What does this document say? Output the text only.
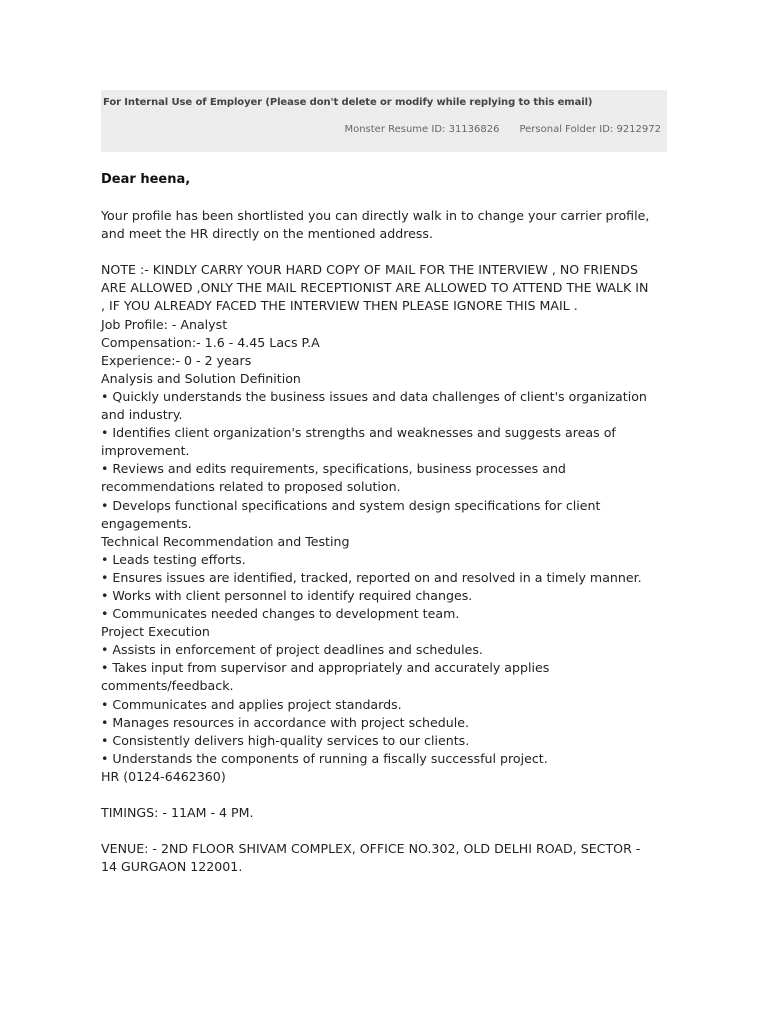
For Internal Use of Employer (Please don't delete or modify while replying to this email)
Monster Resume ID: 31136826 Personal Folder ID: 9212972
Dear heena,
Your profile has been shortlisted you can directly walk in to change your carrier profile,
and meet the HR directly on the mentioned address.
NOTE :- KINDLY CARRY YOUR HARD COPY OF MAIL FOR THE INTERVIEW , NO FRIENDS
ARE ALLOWED ,ONLY THE MAIL RECEPTIONIST ARE ALLOWED TO ATTEND THE WALK IN
, IF YOU ALREADY FACED THE INTERVIEW THEN PLEASE IGNORE THIS MAIL .
Job Profile: - Analyst
Compensation:- 1.6 - 4.45 Lacs P.A
Experience:- 0 - 2 years
Analysis and Solution Definition
• Quickly understands the business issues and data challenges of client's organization
and industry.
• Identifies client organization's strengths and weaknesses and suggests areas of
improvement.
• Reviews and edits requirements, specifications, business processes and
recommendations related to proposed solution.
• Develops functional specifications and system design specifications for client
engagements.
Technical Recommendation and Testing
• Leads testing efforts.
• Ensures issues are identified, tracked, reported on and resolved in a timely manner.
• Works with client personnel to identify required changes.
• Communicates needed changes to development team.
Project Execution
• Assists in enforcement of project deadlines and schedules.
• Takes input from supervisor and appropriately and accurately applies
comments/feedback.
• Communicates and applies project standards.
• Manages resources in accordance with project schedule.
• Consistently delivers high-quality services to our clients.
• Understands the components of running a fiscally successful project.
HR (0124-6462360)
TIMINGS: - 11AM - 4 PM.
VENUE: - 2ND FLOOR SHIVAM COMPLEX, OFFICE NO.302, OLD DELHI ROAD, SECTOR -
14 GURGAON 122001.
